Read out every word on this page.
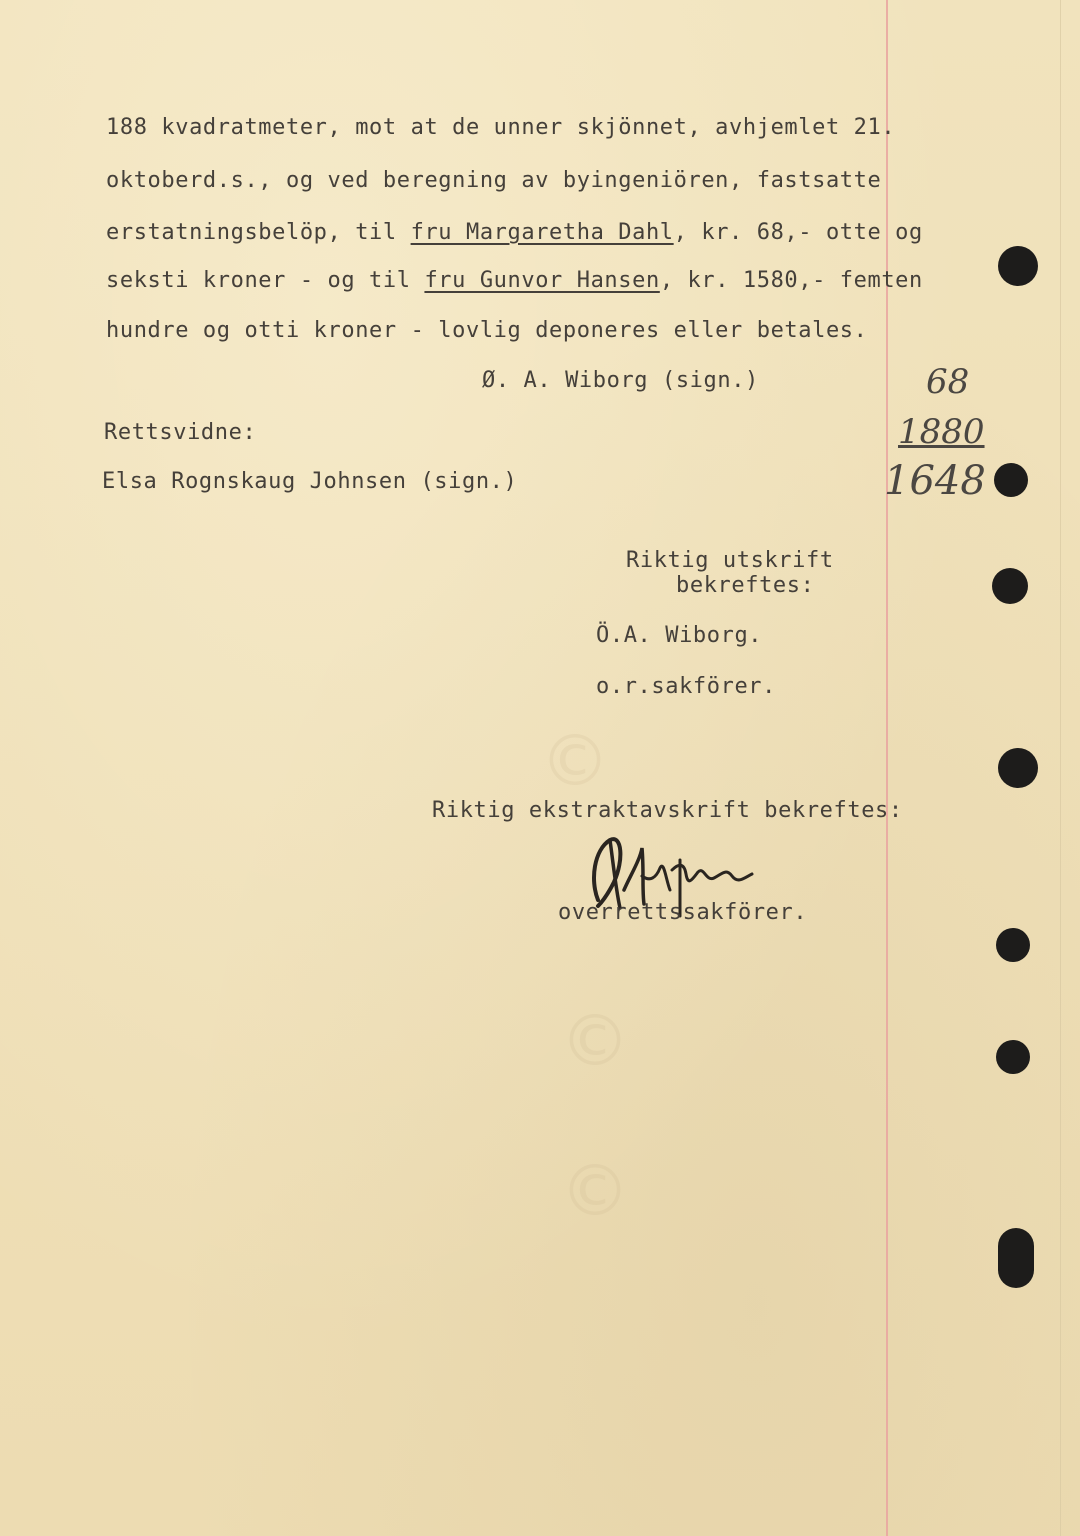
©
©
©
188 kvadratmeter, mot at de unner skjönnet, avhjemlet 21.
oktoberd.s., og ved beregning av byingeniören, fastsatte
erstatningsbelöp, til fru Margaretha Dahl, kr. 68,- otte og
seksti kroner - og til fru Gunvor Hansen, kr. 1580,- femten
hundre og otti kroner - lovlig deponeres eller betales.
Ø. A. Wiborg (sign.)
Rettsvidne:
Elsa Rognskaug Johnsen (sign.)
Riktig utskrift
bekreftes:
Ö.A. Wiborg.
o.r.sakförer.
Riktig ekstraktavskrift bekreftes:
overrettssakförer.
68
1880
1648
